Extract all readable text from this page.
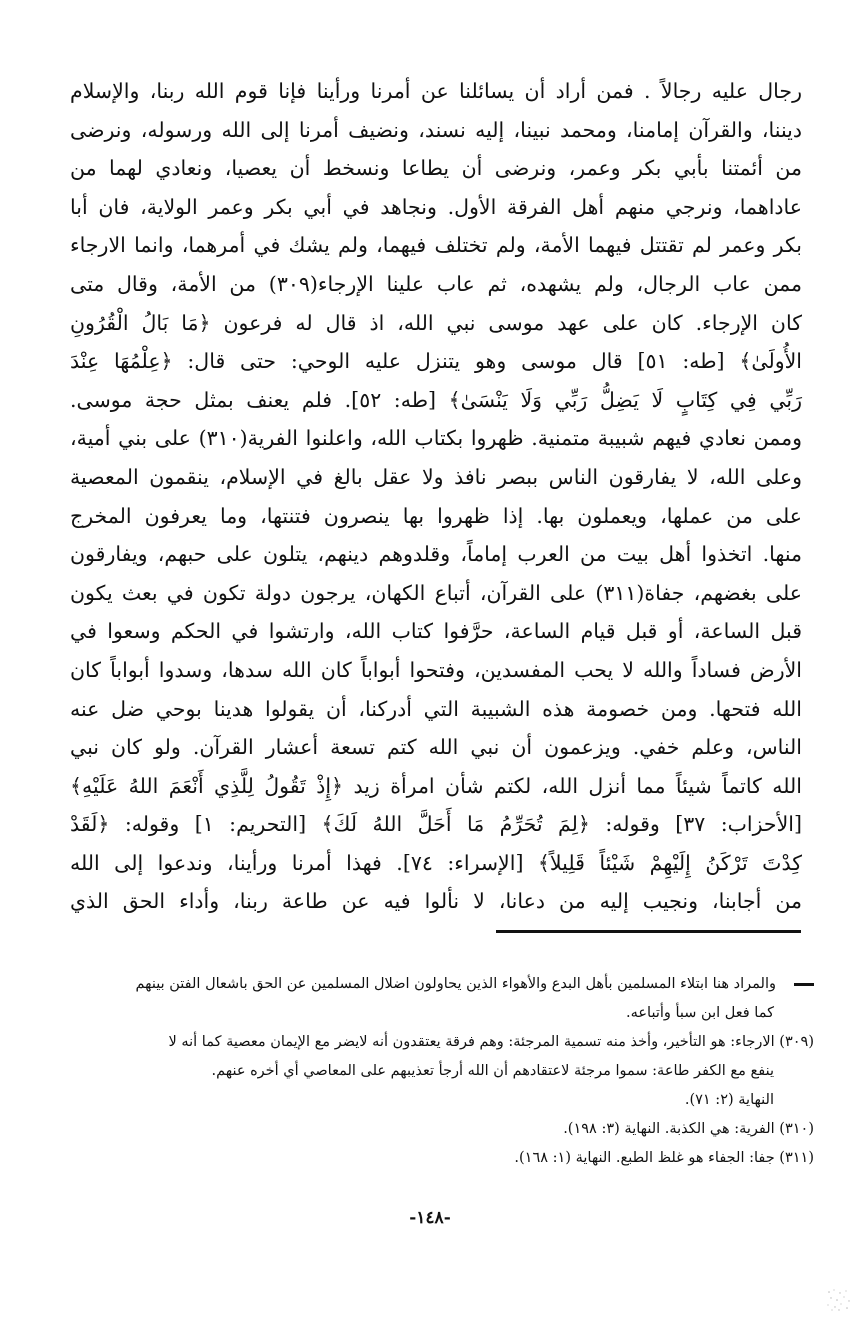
رجال عليه رجالاً . فمن أراد أن يسائلنا عن أمرنا ورأينا فإنا قوم الله ربنا، والإسلام

ديننا، والقرآن إمامنا، ومحمد نبينا، إليه نسند، ونضيف أمرنا إلى الله ورسوله، ونرضى

من أئمتنا بأبي بكر وعمر، ونرضى أن يطاعا ونسخط أن يعصيا، ونعادي لهما من

عاداهما، ونرجي منهم أهل الفرقة الأول. ونجاهد في أبي بكر وعمر الولاية، فان أبا

بكر وعمر لم تقتتل فيهما الأمة، ولم تختلف فيهما، ولم يشك في أمرهما، وانما الارجاء

ممن عاب الرجال، ولم يشهده، ثم عاب علينا الإرجاء(٣٠٩) من الأمة، وقال متى

كان الإرجاء. كان على عهد موسى نبي الله، اذ قال له فرعون ﴿مَا بَالُ الْقُرُونِ

الأُولَىٰ﴾ [طه: ٥١] قال موسى وهو يتنزل عليه الوحي: حتى قال: ﴿عِلْمُهَا عِنْدَ

رَبِّي فِي كِتَابٍ لَا يَضِلُّ رَبِّي وَلَا يَنْسَىٰ﴾ [طه: ٥٢]. فلم يعنف بمثل حجة موسى.

وممن نعادي فيهم شبيبة متمنية. ظهروا بكتاب الله، واعلنوا الفرية(٣١٠) على بني أمية،

وعلى الله، لا يفارقون الناس ببصر نافذ ولا عقل بالغ في الإسلام، ينقمون المعصية

على من عملها، ويعملون بها. إذا ظهروا بها ينصرون فتنتها، وما يعرفون المخرج

منها. اتخذوا أهل بيت من العرب إماماً، وقلدوهم دينهم، يتلون على حبهم، ويفارقون

على بغضهم، جفاة(٣١١) على القرآن، أتباع الكهان، يرجون دولة تكون في بعث يكون

قبل الساعة، أو قبل قيام الساعة، حرَّفوا كتاب الله، وارتشوا في الحكم وسعوا في

الأرض فساداً والله لا يحب المفسدين، وفتحوا أبواباً كان الله سدها، وسدوا أبواباً كان

الله فتحها. ومن خصومة هذه الشبيبة التي أدركنا، أن يقولوا هدينا بوحي ضل عنه

الناس، وعلم خفي. ويزعمون أن نبي الله كتم تسعة أعشار القرآن. ولو كان نبي

الله كاتماً شيئاً مما أنزل الله، لكتم شأن امرأة زيد ﴿إِذْ تَقُولُ لِلَّذِي أَنْعَمَ اللهُ عَلَيْهِ﴾

[الأحزاب: ٣٧] وقوله: ﴿لِمَ تُحَرِّمُ مَا أَحَلَّ اللهُ لَكَ﴾ [التحريم: ١] وقوله: ﴿لَقَدْ

كِدْتَ تَرْكَنُ إِلَيْهِمْ شَيْئاً قَلِيلاً﴾ [الإسراء: ٧٤]. فهذا أمرنا ورأينا، وندعوا إلى الله

من أجابنا، ونجيب إليه من دعانا، لا نألوا فيه عن طاعة ربنا، وأداء الحق الذي

والمراد هنا ابتلاء المسلمين بأهل البدع والأهواء الذين يحاولون اضلال المسلمين عن الحق باشعال الفتن بينهم

كما فعل ابن سبأ وأتباعه.

(٣٠٩) الارجاء: هو التأخير، وأخذ منه تسمية المرجئة: وهم فرقة يعتقدون أنه لايضر مع الإيمان معصية كما أنه لا

ينفع مع الكفر طاعة: سموا مرجئة لاعتقادهم أن الله أرجأ تعذيبهم على المعاصي أي أخره عنهم.

النهاية (٢: ٧١).

(٣١٠) الفرية: هي الكذبة. النهاية (٣: ١٩٨).

(٣١١) جفا: الجفاء هو غلظ الطبع. النهاية (١: ١٦٨).

-١٤٨-
